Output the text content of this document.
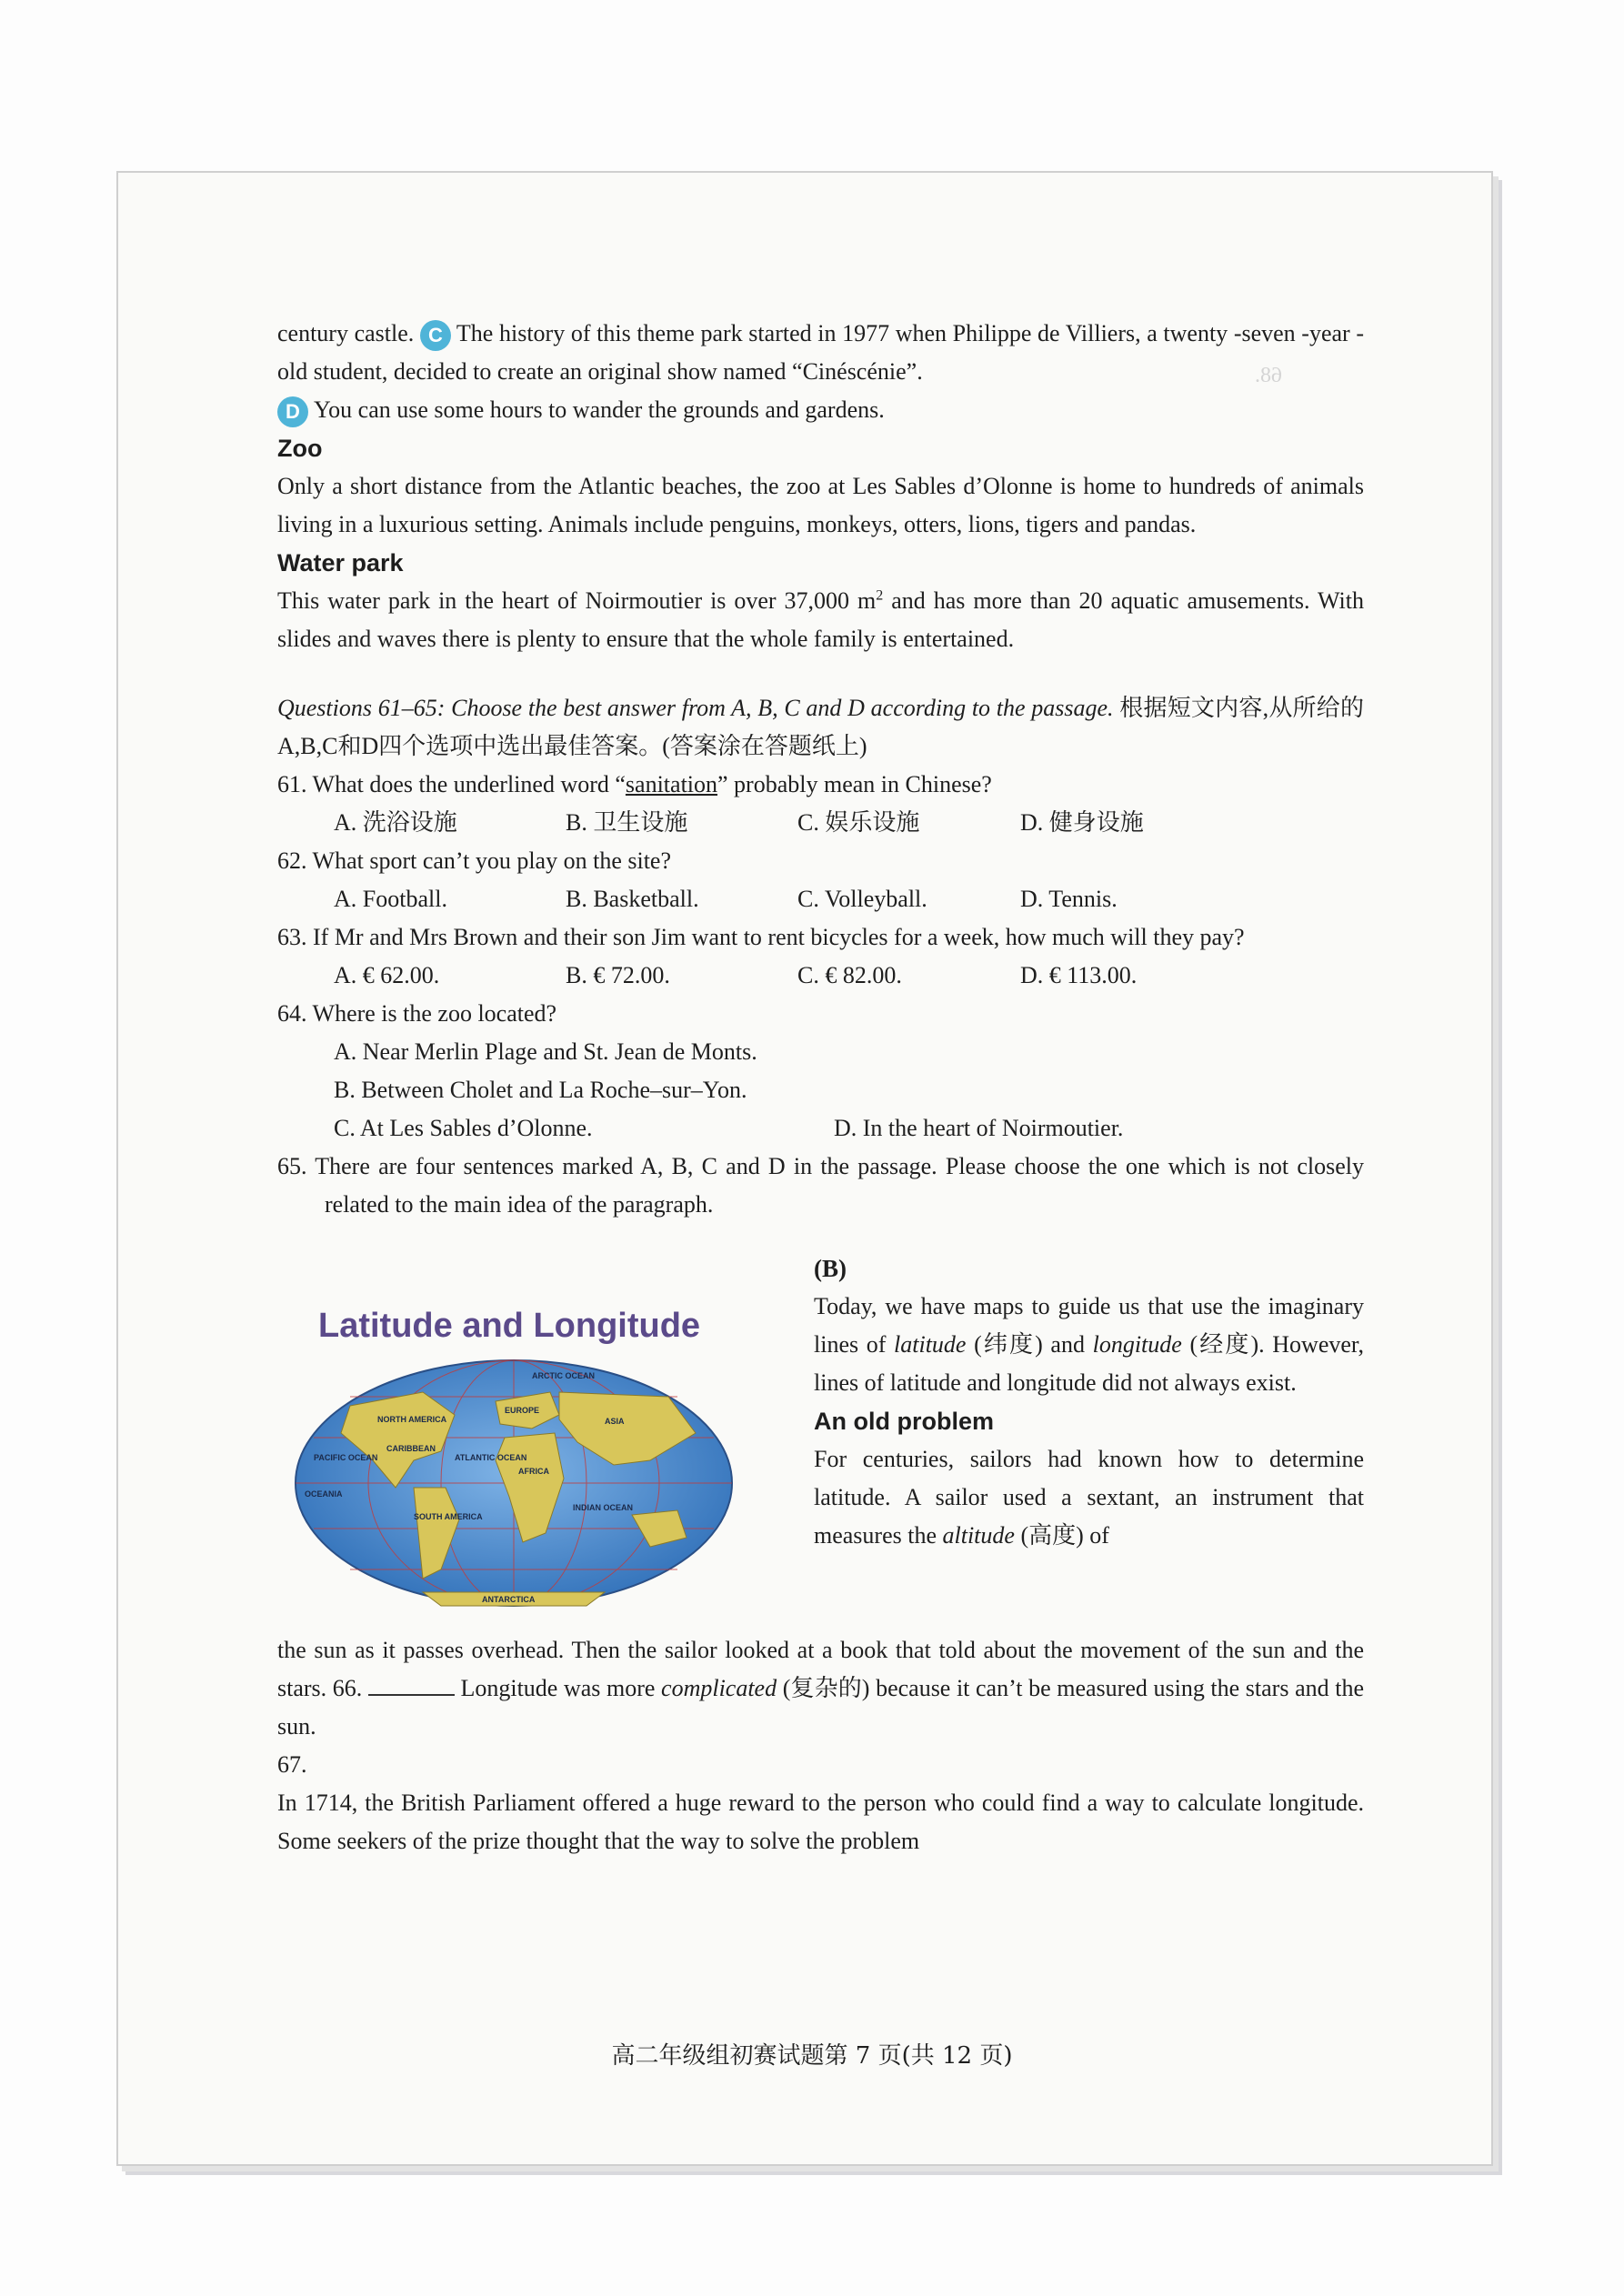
68.

century castle. C The history of this theme park started in 1977 when Philippe de Villiers, a twenty -seven -year -old student, decided to create an original show named “Cinéscénie”.
D You can use some hours to wander the grounds and gardens.

Zoo

Only a short distance from the Atlantic beaches, the zoo at Les Sables d’Olonne is home to hundreds of animals living in a luxurious setting. Animals include penguins, monkeys, otters, lions, tigers and pandas.

Water park

This water park in the heart of Noirmoutier is over 37,000 $m^2$ and has more than 20 aquatic amusements. With slides and waves there is plenty to ensure that the whole family is entertained.

Questions 61–65: Choose the best answer from A, B, C and D according to the passage. 根据短文内容,从所给的A,B,C和D四个选项中选出最佳答案。(答案涂在答题纸上)

61. What does the underlined word “sanitation” probably mean in Chinese?

A. 洗浴设施	B. 卫生设施	C. 娱乐设施	D. 健身设施

62. What sport can’t you play on the site?

A. Football.	B. Basketball.	C. Volleyball.	D. Tennis.

63. If Mr and Mrs Brown and their son Jim want to rent bicycles for a week, how much will they pay?

A. € 62.00.	B. € 72.00.	C. € 82.00.	D. € 113.00.

64. Where is the zoo located?

A. Near Merlin Plage and St. Jean de Monts.
B. Between Cholet and La Roche–sur–Yon.
C. At Les Sables d’Olonne.	D. In the heart of Noirmoutier.

65. There are four sentences marked A, B, C and D in the passage. Please choose the one which is not closely related to the main idea of the paragraph.

Latitude and Longitude

NORTH AMERICA
EUROPE
ASIA
AFRICA
SOUTH AMERICA
ATLANTIC OCEAN
PACIFIC OCEAN
INDIAN OCEAN
OCEANIA
ANTARCTICA
ARCTIC OCEAN
CARIBBEAN

(B)

Today, we have maps to guide us that use the imaginary lines of latitude (纬度) and longitude (经度). However, lines of latitude and longitude did not always exist.

An old problem

For centuries, sailors had known how to determine latitude. A sailor used a sextant, an instrument that measures the altitude (高度) of

the sun as it passes overhead. Then the sailor looked at a book that told about the movement of the sun and the stars. 66.	Longitude was more complicated (复杂的) because it can’t be measured using the stars and the sun.

67.

In 1714, the British Parliament offered a huge reward to the person who could find a way to calculate longitude. Some seekers of the prize thought that the way to solve the problem

高二年级组初赛试题第 7 页(共 12 页)
